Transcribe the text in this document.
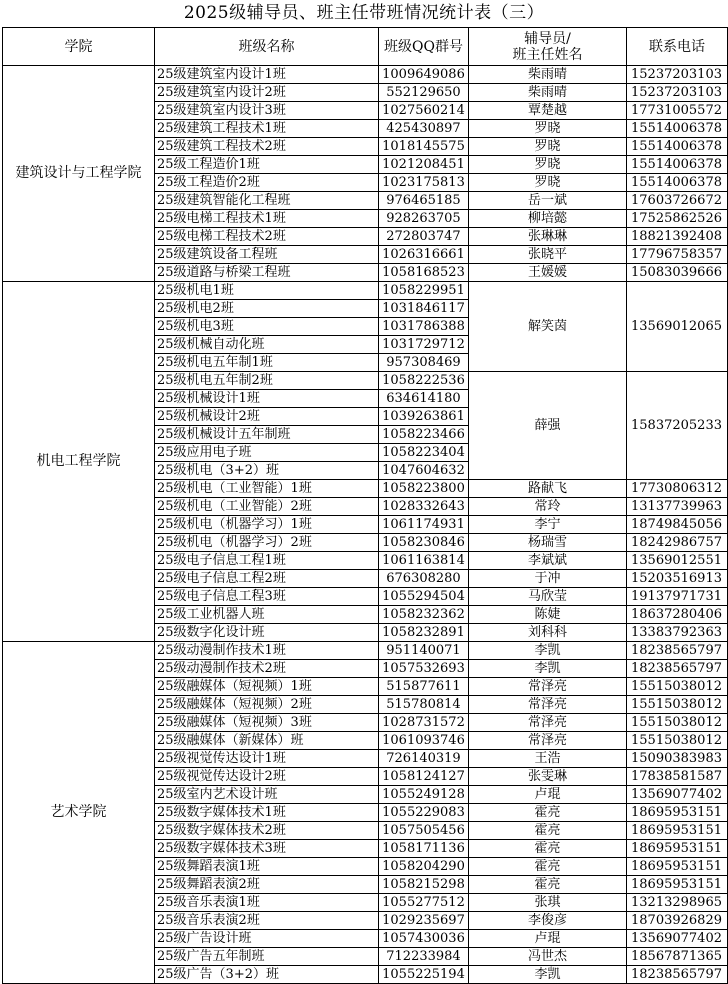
2025级辅导员、班主任带班情况统计表（三）
学院	班级名称	班级QQ群号	辅导员/
班主任姓名	联系电话
建筑设计与工程学院	25级建筑室内设计1班	1009649086	柴雨晴	15237203103
	25级建筑室内设计2班	552129650	柴雨晴	15237203103
	25级建筑室内设计3班	1027560214	覃楚越	17731005572
	25级建筑工程技术1班	425430897	罗晓	15514006378
	25级建筑工程技术2班	1018145575	罗晓	15514006378
	25级工程造价1班	1021208451	罗晓	15514006378
	25级工程造价2班	1023175813	罗晓	15514006378
	25级建筑智能化工程班	976465185	岳一斌	17603726672
	25级电梯工程技术1班	928263705	柳培懿	17525862526
	25级电梯工程技术2班	272803747	张琳琳	18821392408
	25级建筑设备工程班	1026316661	张晓平	17796758357
	25级道路与桥梁工程班	1058168523	王媛媛	15083039666
机电工程学院	25级机电1班	1058229951	解笑茵	13569012065
	25级机电2班	1031846117		
	25级机电3班	1031786388		
	25级机械自动化班	1031729712		
	25级机电五年制1班	957308469		
	25级机电五年制2班	1058222536	薛强	15837205233
	25级机械设计1班	634614180		
	25级机械设计2班	1039263861		
	25级机械设计五年制班	1058223466		
	25级应用电子班	1058223404		
	25级机电（3+2）班	1047604632		
	25级机电（工业智能）1班	1058223800	路献飞	17730806312
	25级机电（工业智能）2班	1028332643	常玲	13137739963
	25级机电（机器学习）1班	1061174931	李宁	18749845056
	25级机电（机器学习）2班	1058230846	杨瑞雪	18242986757
	25级电子信息工程1班	1061163814	李斌斌	13569012551
	25级电子信息工程2班	676308280	于冲	15203516913
	25级电子信息工程3班	1055294504	马欣莹	19137971731
	25级工业机器人班	1058232362	陈婕	18637280406
	25级数字化设计班	1058232891	刘科科	13383792363
艺术学院	25级动漫制作技术1班	951140071	李凯	18238565797
	25级动漫制作技术2班	1057532693	李凯	18238565797
	25级融媒体（短视频）1班	515877611	常泽亮	15515038012
	25级融媒体（短视频）2班	515780814	常泽亮	15515038012
	25级融媒体（短视频）3班	1028731572	常泽亮	15515038012
	25级融媒体（新媒体）班	1061093746	常泽亮	15515038012
	25级视觉传达设计1班	726140319	王浩	15090383983
	25级视觉传达设计2班	1058124127	张雯琳	17838581587
	25级室内艺术设计班	1055249128	卢琨	13569077402
	25级数字媒体技术1班	1055229083	霍亮	18695953151
	25级数字媒体技术2班	1057505456	霍亮	18695953151
	25级数字媒体技术3班	1058171136	霍亮	18695953151
	25级舞蹈表演1班	1058204290	霍亮	18695953151
	25级舞蹈表演2班	1058215298	霍亮	18695953151
	25级音乐表演1班	1055277512	张琪	13213298965
	25级音乐表演2班	1029235697	李俊彦	18703926829
	25级广告设计班	1057430036	卢琨	13569077402
	25级广告五年制班	712233984	冯世杰	18567871365
	25级广告（3+2）班	1055225194	李凯	18238565797
